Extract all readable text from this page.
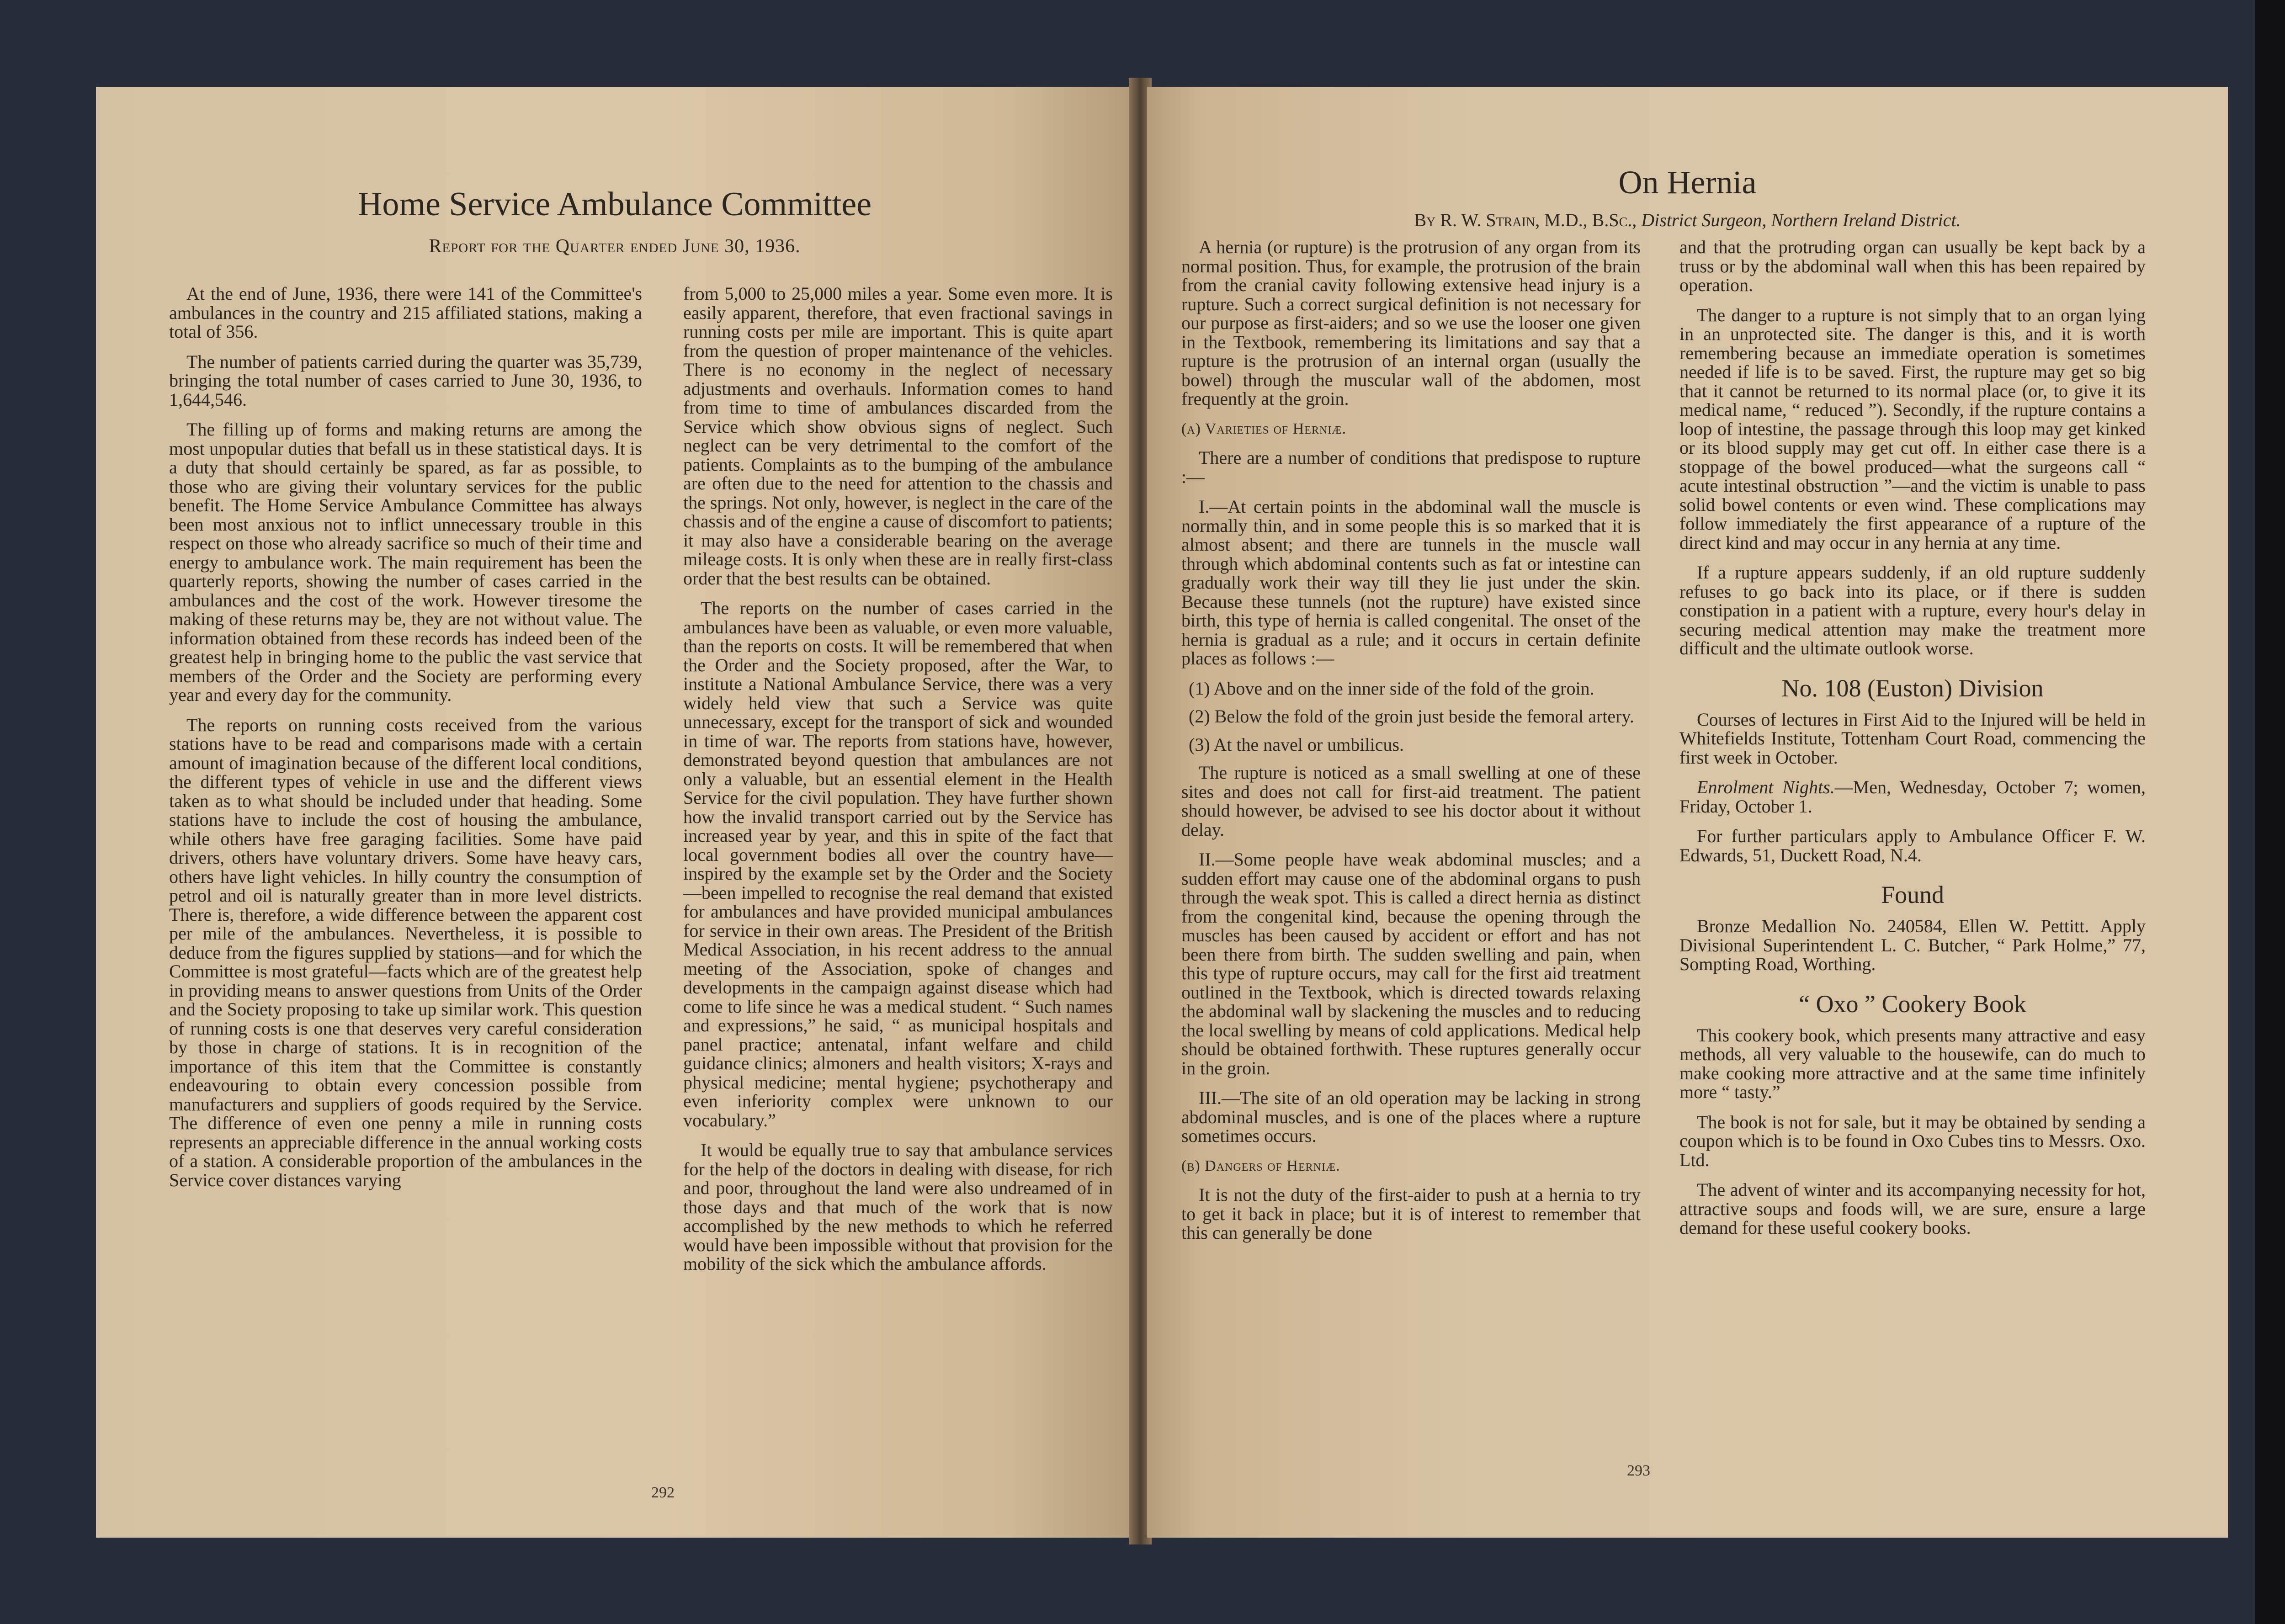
Home Service Ambulance Committee
Report for the Quarter ended June 30, 1936.

At the end of June, 1936, there were 141 of the Committee's ambulances in the country and 215 affiliated stations, making a total of 356.

The number of patients carried during the quarter was 35,739, bringing the total number of cases carried to June 30, 1936, to 1,644,546.

The filling up of forms and making returns are among the most unpopular duties that befall us in these statistical days. It is a duty that should certainly be spared, as far as possible, to those who are giving their voluntary services for the public benefit. The Home Service Ambulance Committee has always been most anxious not to inflict unnecessary trouble in this respect on those who already sacrifice so much of their time and energy to ambulance work. The main requirement has been the quarterly reports, showing the number of cases carried in the ambulances and the cost of the work. However tiresome the making of these returns may be, they are not without value. The information obtained from these records has indeed been of the greatest help in bringing home to the public the vast service that members of the Order and the Society are performing every year and every day for the community.

The reports on running costs received from the various stations have to be read and comparisons made with a certain amount of imagination because of the different local conditions, the different types of vehicle in use and the different views taken as to what should be included under that heading. Some stations have to include the cost of housing the ambulance, while others have free garaging facilities. Some have paid drivers, others have voluntary drivers. Some have heavy cars, others have light vehicles. In hilly country the consumption of petrol and oil is naturally greater than in more level districts. There is, therefore, a wide difference between the apparent cost per mile of the ambulances. Nevertheless, it is possible to deduce from the figures supplied by stations—and for which the Committee is most grateful—facts which are of the greatest help in providing means to answer questions from Units of the Order and the Society proposing to take up similar work. This question of running costs is one that deserves very careful consideration by those in charge of stations. It is in recognition of the importance of this item that the Committee is constantly endeavouring to obtain every concession possible from manufacturers and suppliers of goods required by the Service. The difference of even one penny a mile in running costs represents an appreciable difference in the annual working costs of a station. A considerable proportion of the ambulances in the Service cover distances varying

from 5,000 to 25,000 miles a year. Some even more. It is easily apparent, therefore, that even fractional savings in running costs per mile are important. This is quite apart from the question of proper maintenance of the vehicles. There is no economy in the neglect of necessary adjustments and overhauls. Information comes to hand from time to time of ambulances discarded from the Service which show obvious signs of neglect. Such neglect can be very detrimental to the comfort of the patients. Complaints as to the bumping of the ambulance are often due to the need for attention to the chassis and the springs. Not only, however, is neglect in the care of the chassis and of the engine a cause of discomfort to patients; it may also have a considerable bearing on the average mileage costs. It is only when these are in really first-class order that the best results can be obtained.

The reports on the number of cases carried in the ambulances have been as valuable, or even more valuable, than the reports on costs. It will be remembered that when the Order and the Society proposed, after the War, to institute a National Ambulance Service, there was a very widely held view that such a Service was quite unnecessary, except for the transport of sick and wounded in time of war. The reports from stations have, however, demonstrated beyond question that ambulances are not only a valuable, but an essential element in the Health Service for the civil population. They have further shown how the invalid transport carried out by the Service has increased year by year, and this in spite of the fact that local government bodies all over the country have—inspired by the example set by the Order and the Society—been impelled to recognise the real demand that existed for ambulances and have provided municipal ambulances for service in their own areas. The President of the British Medical Association, in his recent address to the annual meeting of the Association, spoke of changes and developments in the campaign against disease which had come to life since he was a medical student. “ Such names and expressions,” he said, “ as municipal hospitals and panel practice; antenatal, infant welfare and child guidance clinics; almoners and health visitors; X-rays and physical medicine; mental hygiene; psychotherapy and even inferiority complex were unknown to our vocabulary.”

It would be equally true to say that ambulance services for the help of the doctors in dealing with disease, for rich and poor, throughout the land were also undreamed of in those days and that much of the work that is now accomplished by the new methods to which he referred would have been impossible without that provision for the mobility of the sick which the ambulance affords.

292
On Hernia
By R. W. Strain, M.D., B.Sc., District Surgeon, Northern Ireland District.

A hernia (or rupture) is the protrusion of any organ from its normal position. Thus, for example, the protrusion of the brain from the cranial cavity following extensive head injury is a rupture. Such a correct surgical definition is not necessary for our purpose as first-aiders; and so we use the looser one given in the Textbook, remembering its limitations and say that a rupture is the protrusion of an internal organ (usually the bowel) through the muscular wall of the abdomen, most frequently at the groin.

(a) Varieties of Herniæ.

There are a number of conditions that predispose to rupture :—

I.—At certain points in the abdominal wall the muscle is normally thin, and in some people this is so marked that it is almost absent; and there are tunnels in the muscle wall through which abdominal contents such as fat or intestine can gradually work their way till they lie just under the skin. Because these tunnels (not the rupture) have existed since birth, this type of hernia is called congenital. The onset of the hernia is gradual as a rule; and it occurs in certain definite places as follows :—

(1) Above and on the inner side of the fold of the groin.
(2) Below the fold of the groin just beside the femoral artery.
(3) At the navel or umbilicus.

The rupture is noticed as a small swelling at one of these sites and does not call for first-aid treatment. The patient should however, be advised to see his doctor about it without delay.

II.—Some people have weak abdominal muscles; and a sudden effort may cause one of the abdominal organs to push through the weak spot. This is called a direct hernia as distinct from the congenital kind, because the opening through the muscles has been caused by accident or effort and has not been there from birth. The sudden swelling and pain, when this type of rupture occurs, may call for the first aid treatment outlined in the Textbook, which is directed towards relaxing the abdominal wall by slackening the muscles and to reducing the local swelling by means of cold applications. Medical help should be obtained forthwith. These ruptures generally occur in the groin.

III.—The site of an old operation may be lacking in strong abdominal muscles, and is one of the places where a rupture sometimes occurs.

(b) Dangers of Herniæ.

It is not the duty of the first-aider to push at a hernia to try to get it back in place; but it is of interest to remember that this can generally be done

and that the protruding organ can usually be kept back by a truss or by the abdominal wall when this has been repaired by operation.

The danger to a rupture is not simply that to an organ lying in an unprotected site. The danger is this, and it is worth remembering because an immediate operation is sometimes needed if life is to be saved. First, the rupture may get so big that it cannot be returned to its normal place (or, to give it its medical name, “ reduced ”). Secondly, if the rupture contains a loop of intestine, the passage through this loop may get kinked or its blood supply may get cut off. In either case there is a stoppage of the bowel produced—what the surgeons call “ acute intestinal obstruction ”—and the victim is unable to pass solid bowel contents or even wind. These complications may follow immediately the first appearance of a rupture of the direct kind and may occur in any hernia at any time.

If a rupture appears suddenly, if an old rupture suddenly refuses to go back into its place, or if there is sudden constipation in a patient with a rupture, every hour's delay in securing medical attention may make the treatment more difficult and the ultimate outlook worse.

No. 108 (Euston) Division

Courses of lectures in First Aid to the Injured will be held in Whitefields Institute, Tottenham Court Road, commencing the first week in October.

Enrolment Nights.—Men, Wednesday, October 7; women, Friday, October 1.

For further particulars apply to Ambulance Officer F. W. Edwards, 51, Duckett Road, N.4.

Found

Bronze Medallion No. 240584, Ellen W. Pettitt. Apply Divisional Superintendent L. C. Butcher, “ Park Holme,” 77, Sompting Road, Worthing.

“ Oxo ” Cookery Book

This cookery book, which presents many attractive and easy methods, all very valuable to the housewife, can do much to make cooking more attractive and at the same time infinitely more “ tasty.”

The book is not for sale, but it may be obtained by sending a coupon which is to be found in Oxo Cubes tins to Messrs. Oxo. Ltd.

The advent of winter and its accompanying necessity for hot, attractive soups and foods will, we are sure, ensure a large demand for these useful cookery books.

293
